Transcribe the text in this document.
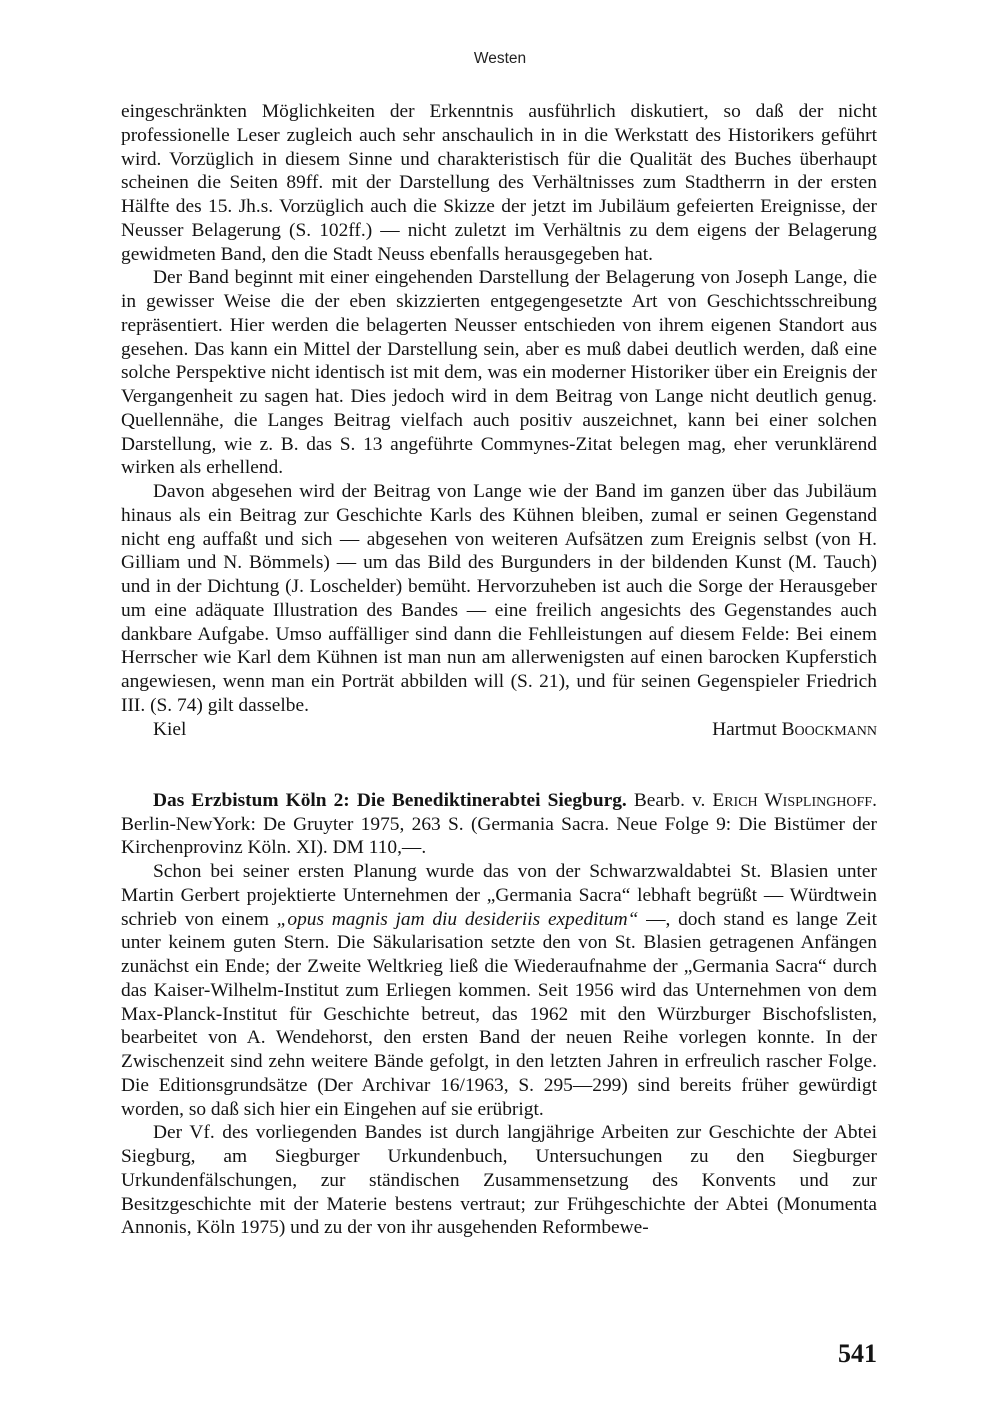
Westen

eingeschränkten Möglichkeiten der Erkenntnis ausführlich diskutiert, so daß der nicht professionelle Leser zugleich auch sehr anschaulich in in die Werkstatt des Historikers geführt wird. Vorzüglich in diesem Sinne und charakteristisch für die Qualität des Buches überhaupt scheinen die Seiten 89ff. mit der Darstellung des Verhältnisses zum Stadtherrn in der ersten Hälfte des 15. Jh.s. Vorzüglich auch die Skizze der jetzt im Jubiläum gefeierten Ereignisse, der Neusser Belagerung (S. 102ff.) — nicht zuletzt im Verhältnis zu dem eigens der Belagerung gewidmeten Band, den die Stadt Neuss ebenfalls herausgegeben hat.

Der Band beginnt mit einer eingehenden Darstellung der Belagerung von Joseph Lange, die in gewisser Weise die der eben skizzierten entgegengesetzte Art von Geschichtsschreibung repräsentiert. Hier werden die belagerten Neusser entschieden von ihrem eigenen Standort aus gesehen. Das kann ein Mittel der Darstellung sein, aber es muß dabei deutlich werden, daß eine solche Perspektive nicht identisch ist mit dem, was ein moderner Historiker über ein Ereignis der Vergangenheit zu sagen hat. Dies jedoch wird in dem Beitrag von Lange nicht deutlich genug. Quellennähe, die Langes Beitrag vielfach auch positiv auszeichnet, kann bei einer solchen Darstellung, wie z. B. das S. 13 angeführte Commynes-Zitat belegen mag, eher verunklärend wirken als erhellend.

Davon abgesehen wird der Beitrag von Lange wie der Band im ganzen über das Jubiläum hinaus als ein Beitrag zur Geschichte Karls des Kühnen bleiben, zumal er seinen Gegenstand nicht eng auffaßt und sich — abgesehen von weiteren Aufsätzen zum Ereignis selbst (von H. Gilliam und N. Bömmels) — um das Bild des Burgunders in der bildenden Kunst (M. Tauch) und in der Dichtung (J. Loschelder) bemüht. Hervorzuheben ist auch die Sorge der Herausgeber um eine adäquate Illustration des Bandes — eine freilich angesichts des Gegenstandes auch dankbare Aufgabe. Umso auffälliger sind dann die Fehlleistungen auf diesem Felde: Bei einem Herrscher wie Karl dem Kühnen ist man nun am allerwenigsten auf einen barocken Kupferstich angewiesen, wenn man ein Porträt abbilden will (S. 21), und für seinen Gegenspieler Friedrich III. (S. 74) gilt dasselbe.

Kiel	Hartmut Boockmann

Das Erzbistum Köln 2: Die Benediktinerabtei Siegburg. Bearb. v. Erich Wisplinghoff. Berlin-NewYork: De Gruyter 1975, 263 S. (Germania Sacra. Neue Folge 9: Die Bistümer der Kirchenprovinz Köln. XI). DM 110,—.

Schon bei seiner ersten Planung wurde das von der Schwarzwaldabtei St. Blasien unter Martin Gerbert projektierte Unternehmen der „Germania Sacra“ lebhaft begrüßt — Würdtwein schrieb von einem „opus magnis jam diu desideriis expeditum“ —, doch stand es lange Zeit unter keinem guten Stern. Die Säkularisation setzte den von St. Blasien getragenen Anfängen zunächst ein Ende; der Zweite Weltkrieg ließ die Wiederaufnahme der „Germania Sacra“ durch das Kaiser-Wilhelm-Institut zum Erliegen kommen. Seit 1956 wird das Unternehmen von dem Max-Planck-Institut für Geschichte betreut, das 1962 mit den Würzburger Bischofslisten, bearbeitet von A. Wendehorst, den ersten Band der neuen Reihe vorlegen konnte. In der Zwischenzeit sind zehn weitere Bände gefolgt, in den letzten Jahren in erfreulich rascher Folge. Die Editionsgrundsätze (Der Archivar 16/1963, S. 295—299) sind bereits früher gewürdigt worden, so daß sich hier ein Eingehen auf sie erübrigt.

Der Vf. des vorliegenden Bandes ist durch langjährige Arbeiten zur Geschichte der Abtei Siegburg, am Siegburger Urkundenbuch, Untersuchungen zu den Siegburger Urkundenfälschungen, zur ständischen Zusammensetzung des Konvents und zur Besitzgeschichte mit der Materie bestens vertraut; zur Frühgeschichte der Abtei (Monumenta Annonis, Köln 1975) und zu der von ihr ausgehenden Reformbewe-

541
